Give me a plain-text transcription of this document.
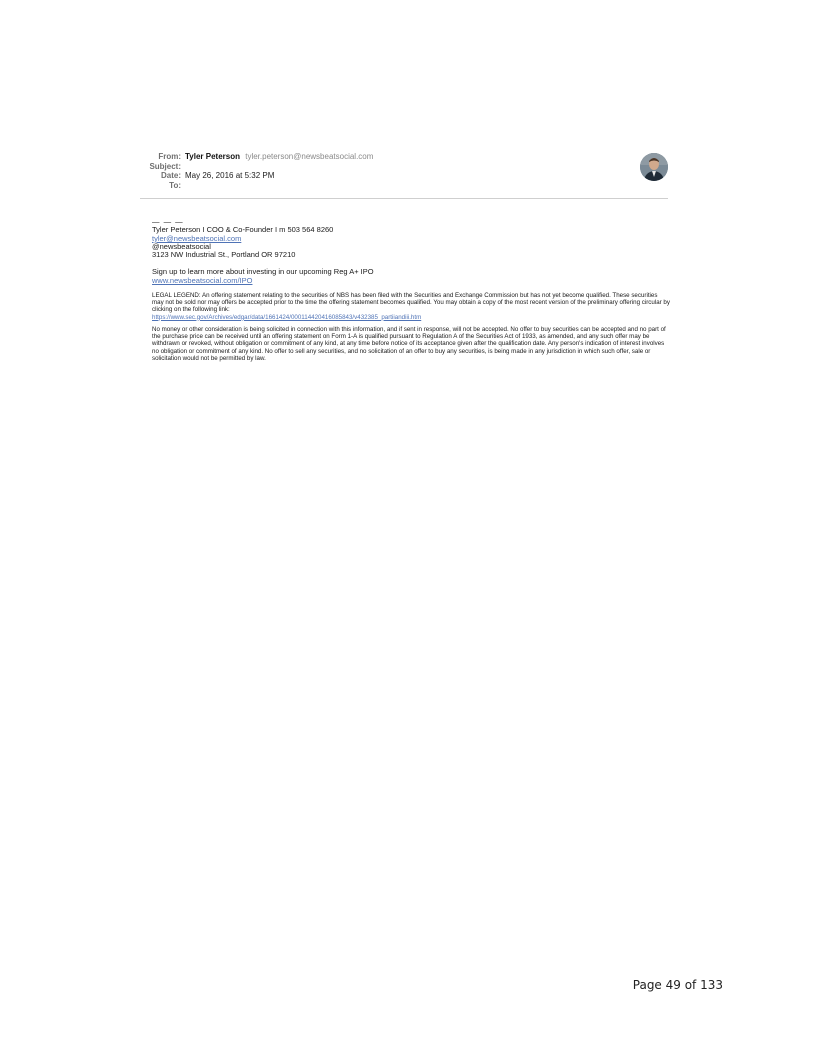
From: Tyler Peterson tyler.peterson@newsbeatsocial.com
Subject:
Date: May 26, 2016 at 5:32 PM
To:

— — —

Tyler Peterson I COO & Co-Founder I m 503 564 8260

tyler@newsbeatsocial.com

@newsbeatsocial

3123 NW Industrial St., Portland OR 97210

Sign up to learn more about investing in our upcoming Reg A+ IPO

www.newsbeatsocial.com/IPO

LEGAL LEGEND: An offering statement relating to the securities of NBS has been filed with the Securities and Exchange Commission but has not yet become qualified. These securities may not be sold nor may offers be accepted prior to the time the offering statement becomes qualified. You may obtain a copy of the most recent version of the preliminary offering circular by clicking on the following link:

https://www.sec.gov/Archives/edgar/data/1661424/000114420416085843/v432385_partiiandiii.htm

No money or other consideration is being solicited in connection with this information, and if sent in response, will not be accepted. No offer to buy securities can be accepted and no part of the purchase price can be received until an offering statement on Form 1-A is qualified pursuant to Regulation A of the Securities Act of 1933, as amended, and any such offer may be withdrawn or revoked, without obligation or commitment of any kind, at any time before notice of its acceptance given after the qualification date. Any person's indication of interest involves no obligation or commitment of any kind. No offer to sell any securities, and no solicitation of an offer to buy any securities, is being made in any jurisdiction in which such offer, sale or solicitation would not be permitted by law.

Page 49 of 133
